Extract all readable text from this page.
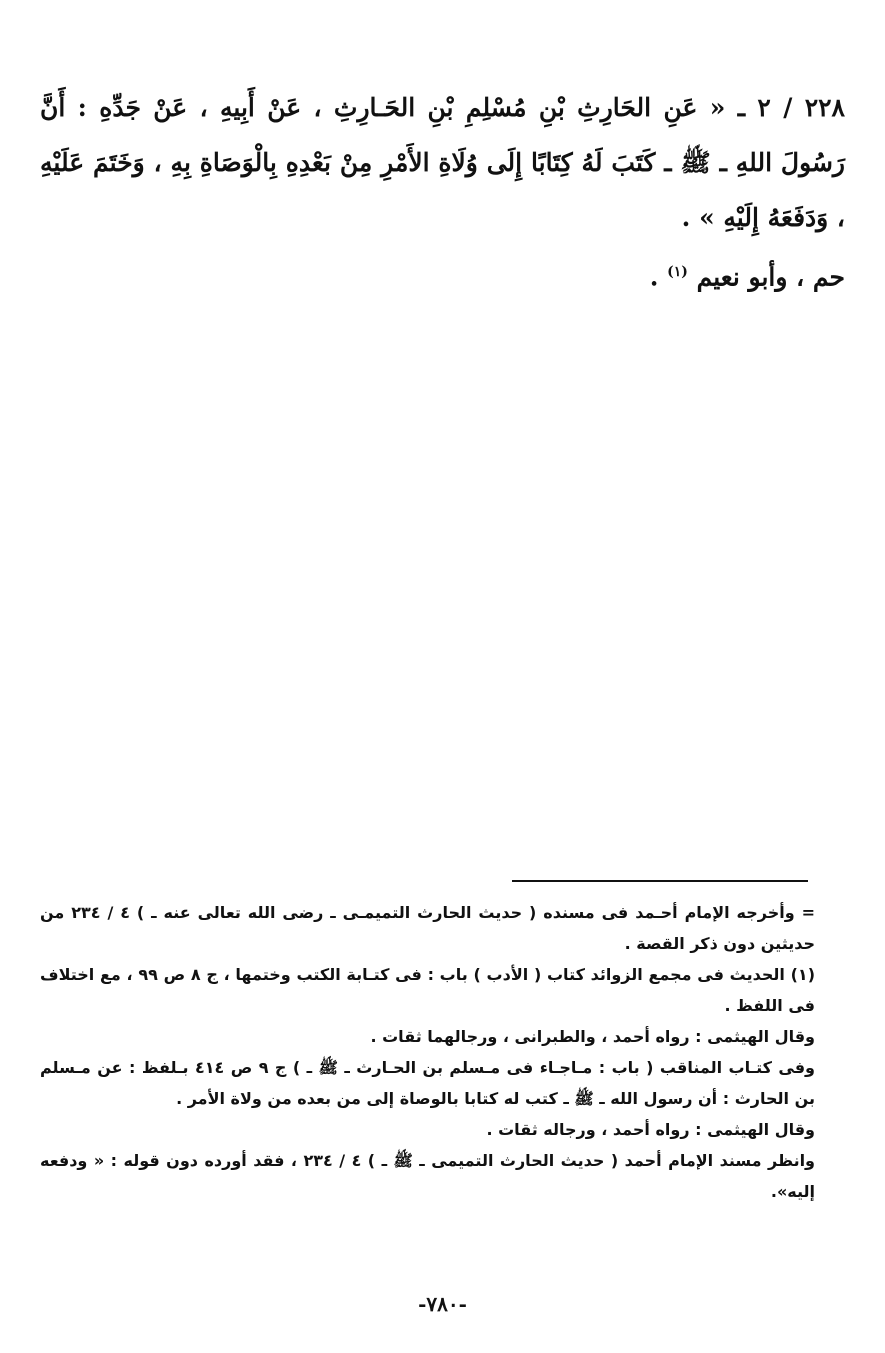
٢٢٨ / ٢ ـ « عَنِ الحَارِثِ بْنِ مُسْلِمِ بْنِ الحَـارِثِ ، عَنْ أَبِيهِ ، عَنْ جَدِّهِ : أَنَّ رَسُولَ اللهِ ـ ﷺ ـ كَتَبَ لَهُ كِتَابًا إِلَى وُلَاةِ الأَمْرِ مِنْ بَعْدِهِ بِالْوَصَاةِ بِهِ ، وَخَتَمَ عَلَيْهِ ، وَدَفَعَهُ إِلَيْهِ » .

حم ، وأبو نعيم $^{(١)}$ .

= وأخرجه الإمام أحـمد فى مسنده ( حديث الحارث التميمـى ـ رضى الله تعالى عنه ـ ) ٤ / ٢٣٤ من حديثين دون ذكر القصة .

(١) الحديث فى مجمع الزوائد كتاب ( الأدب ) باب : فى كتـابة الكتب وختمها ، ج ٨ ص ٩٩ ، مع اختلاف فى اللفظ .

وقال الهيثمى : رواه أحمد ، والطبرانى ، ورجالهما ثقات .

وفى كتـاب المناقب ( باب : مـاجـاء فى مـسلم بن الحـارث ـ ﷺ ـ ) ج ٩ ص ٤١٤ بـلفظ : عن مـسلم بن الحارث : أن رسول الله ـ ﷺ ـ كتب له كتابا بالوصاة إلى من بعده من ولاة الأمر .

وقال الهيثمى : رواه أحمد ، ورجاله ثقات .

وانظر مسند الإمام أحمد ( حديث الحارث التميمى ـ ﷺ ـ ) ٤ / ٢٣٤ ، فقد أورده دون قوله : « ودفعه إليه».

-٧٨٠-
